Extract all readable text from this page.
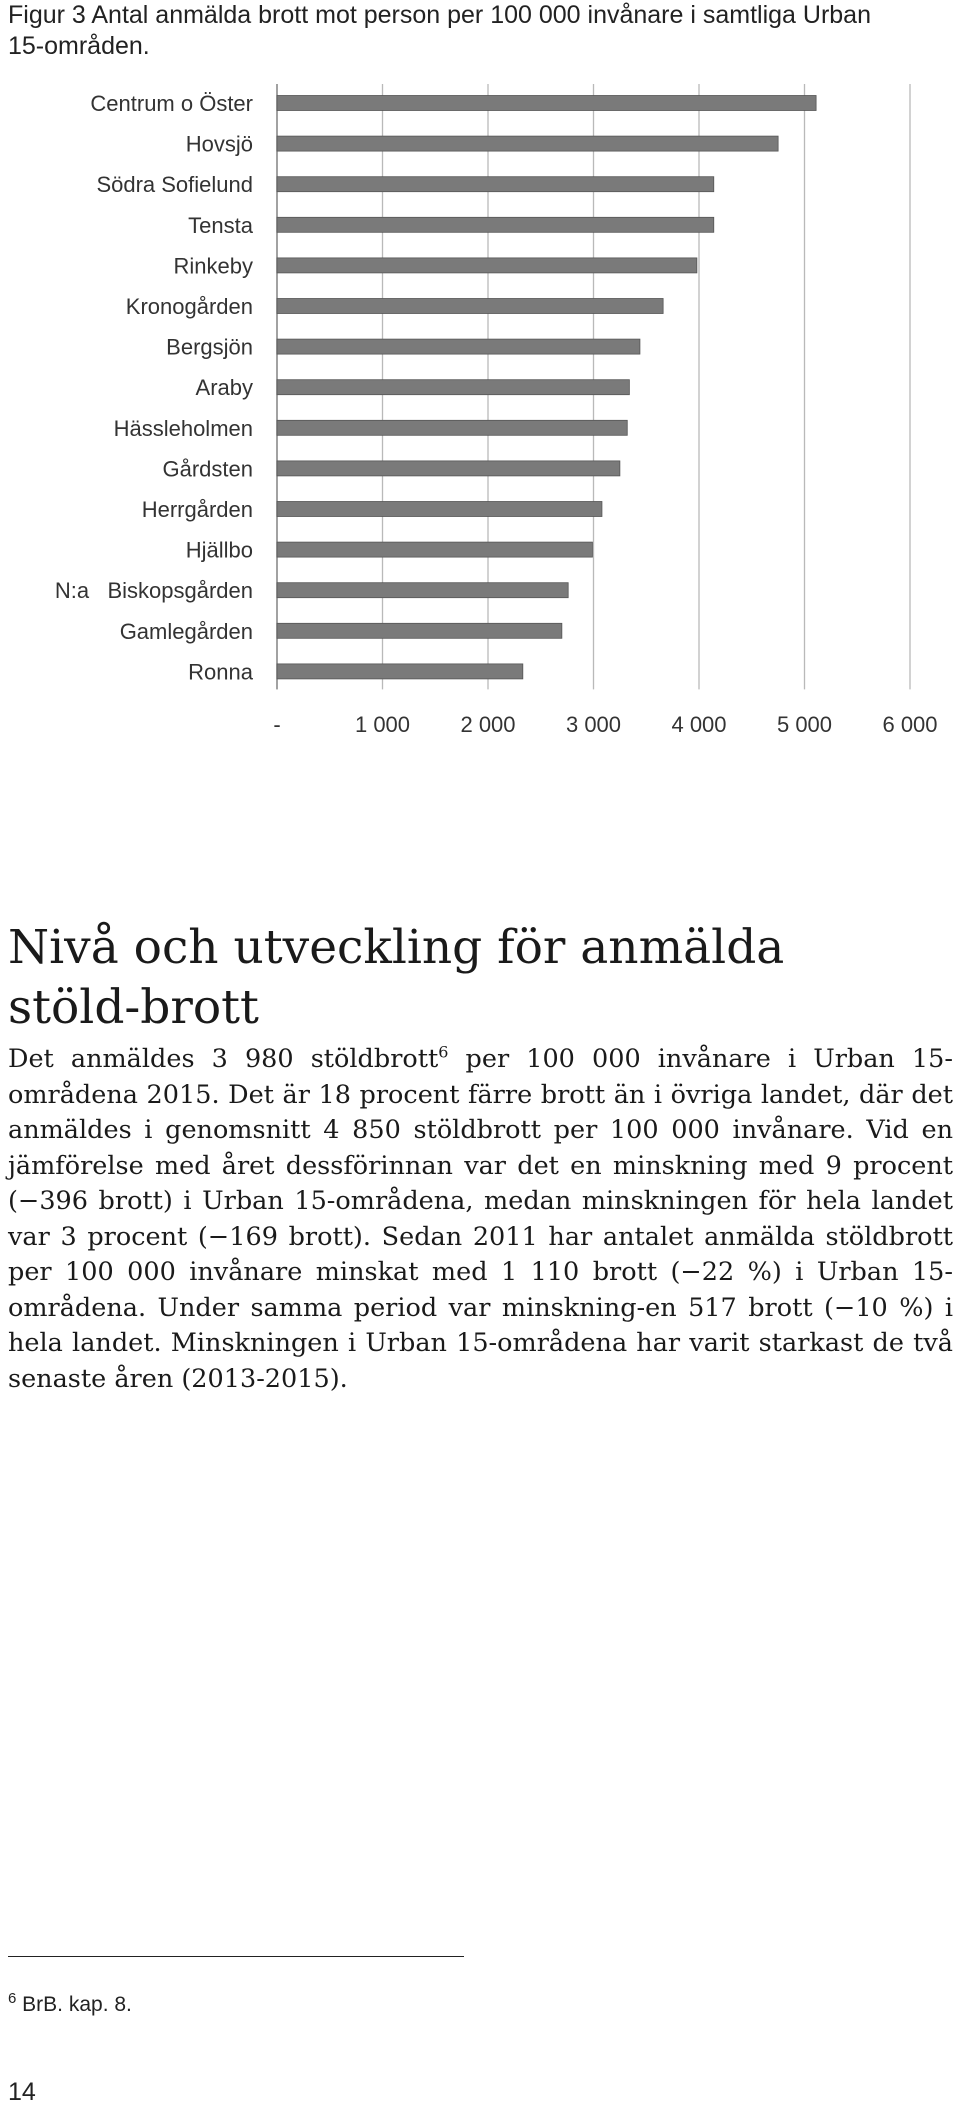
Figur 3 Antal anmälda brott mot person per 100 000 invånare i samtliga Urban 15-områden.
-	1 000 2 000 3 000 4 000 5 000 6 000
Centrum o Öster
Hovsjö
Södra Sofielund
Tensta
Rinkeby
Kronogården
Bergsjön
Araby
Hässleholmen
Gårdsten
Herrgården
Hjällbo
N:a   Biskopsgården
Gamlegården
Ronna
Nivå och utveckling för anmälda stöld-brott

Det anmäldes 3 980 stöldbrott$^6$ per 100 000 invånare i Urban 15-områdena 2015. Det är 18 procent färre brott än i övriga landet, där det anmäldes i genomsnitt 4 850 stöldbrott per 100 000 invånare. Vid en jämförelse med året dessförinnan var det en minskning med 9 procent (−396 brott) i Urban 15-områdena, medan minskningen för hela landet var 3 procent (−169 brott). Sedan 2011 har antalet anmälda stöldbrott per 100 000 invånare minskat med 1 110 brott (−22 %) i Urban 15-områdena. Under samma period var minskning-en 517 brott (−10 %) i hela landet. Minskningen i Urban 15-områdena har varit starkast de två senaste åren (2013-2015).

$^6$ BrB. kap. 8.
14
